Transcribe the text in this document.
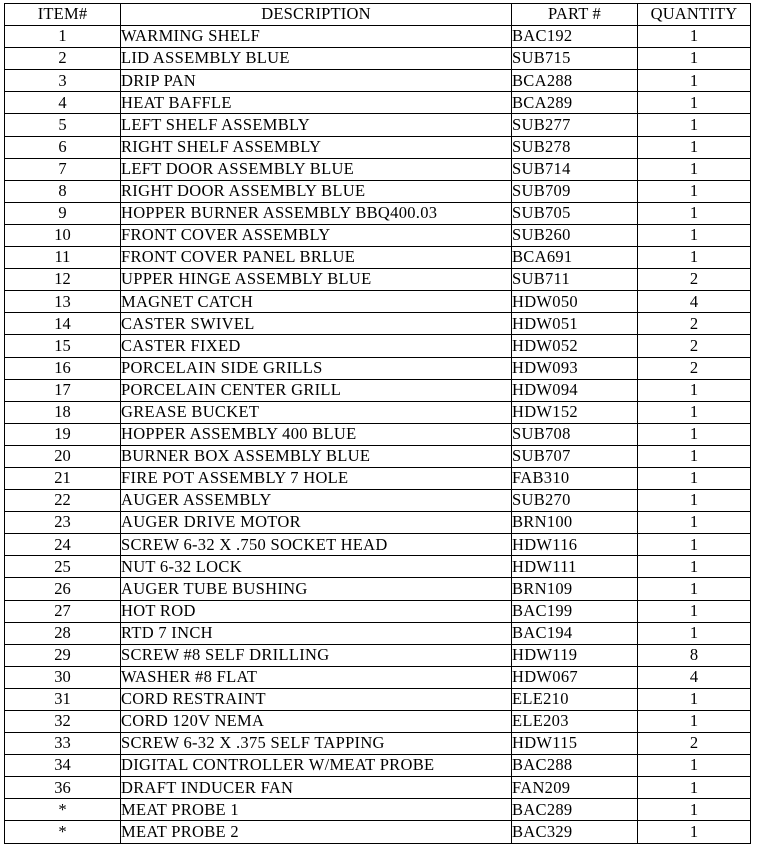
ITEM#	DESCRIPTION	PART #	QUANTITY
1	WARMING SHELF	BAC192	1
2	LID ASSEMBLY BLUE	SUB715	1
3	DRIP PAN	BCA288	1
4	HEAT BAFFLE	BCA289	1
5	LEFT SHELF ASSEMBLY	SUB277	1
6	RIGHT SHELF ASSEMBLY	SUB278	1
7	LEFT DOOR ASSEMBLY BLUE	SUB714	1
8	RIGHT DOOR ASSEMBLY BLUE	SUB709	1
9	HOPPER BURNER ASSEMBLY BBQ400.03	SUB705	1
10	FRONT COVER ASSEMBLY	SUB260	1
11	FRONT COVER PANEL BRLUE	BCA691	1
12	UPPER HINGE ASSEMBLY BLUE	SUB711	2
13	MAGNET CATCH	HDW050	4
14	CASTER SWIVEL	HDW051	2
15	CASTER FIXED	HDW052	2
16	PORCELAIN SIDE GRILLS	HDW093	2
17	PORCELAIN CENTER GRILL	HDW094	1
18	GREASE BUCKET	HDW152	1
19	HOPPER ASSEMBLY 400 BLUE	SUB708	1
20	BURNER BOX ASSEMBLY BLUE	SUB707	1
21	FIRE POT ASSEMBLY 7 HOLE	FAB310	1
22	AUGER ASSEMBLY	SUB270	1
23	AUGER DRIVE MOTOR	BRN100	1
24	SCREW 6-32 X .750 SOCKET HEAD	HDW116	1
25	NUT 6-32 LOCK	HDW111	1
26	AUGER TUBE BUSHING	BRN109	1
27	HOT ROD	BAC199	1
28	RTD 7 INCH	BAC194	1
29	SCREW #8 SELF DRILLING	HDW119	8
30	WASHER #8 FLAT	HDW067	4
31	CORD RESTRAINT	ELE210	1
32	CORD 120V NEMA	ELE203	1
33	SCREW 6-32 X .375 SELF TAPPING	HDW115	2
34	DIGITAL CONTROLLER W/MEAT PROBE	BAC288	1
36	DRAFT INDUCER FAN	FAN209	1
*	MEAT PROBE 1	BAC289	1
*	MEAT PROBE 2	BAC329	1
